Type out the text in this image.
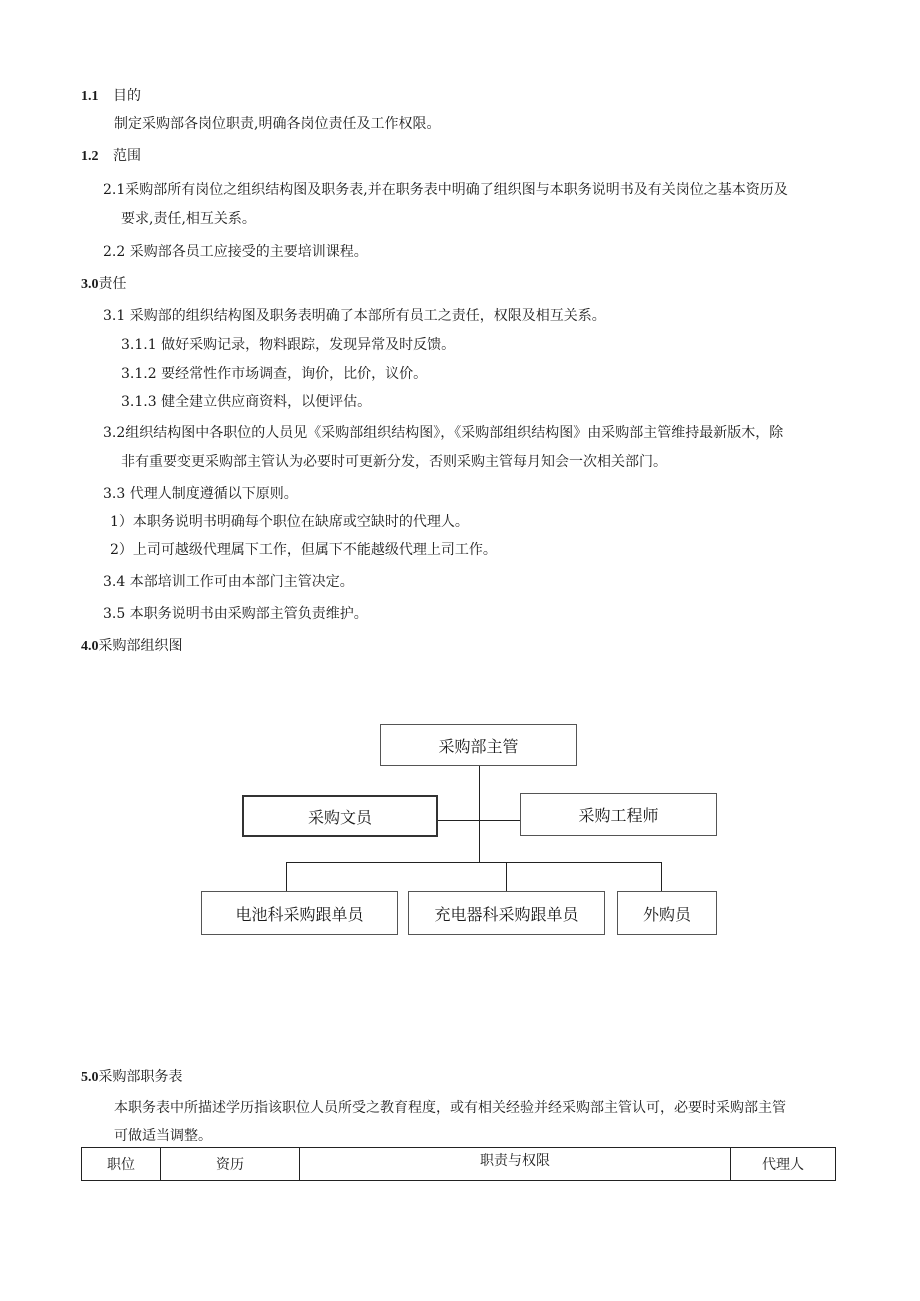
1.1 目的
制定采购部各岗位职责,明确各岗位责任及工作权限。
1.2 范围
2.1采购部所有岗位之组织结构图及职务表,并在职务表中明确了组织图与本职务说明书及有关岗位之基本资历及
要求,责任,相互关系。
2.2 采购部各员工应接受的主要培训课程。
3.0责任
3.1 采购部的组织结构图及职务表明确了本部所有员工之责任，权限及相互关系。
3.1.1 做好采购记录，物料跟踪，发现异常及时反馈。
3.1.2 要经常性作市场调查，询价，比价，议价。
3.1.3 健全建立供应商资料，以便评估。
3.2组织结构图中各职位的人员见《采购部组织结构图》，《采购部组织结构图》由采购部主管维持最新版木，除
非有重要变更采购部主管认为必要时可更新分发，否则采购主管每月知会一次相关部门。
3.3 代理人制度遵循以下原则。
1）本职务说明书明确每个职位在缺席或空缺时的代理人。
2）上司可越级代理属下工作，但属下不能越级代理上司工作。
3.4 本部培训工作可由本部门主管决定。
3.5 本职务说明书由采购部主管负责维护。
4.0采购部组织图
采购部主管
采购文员	采购工程师
电池科采购跟单员	充电器科采购跟单员	外购员
5.0采购部职务表
本职务表中所描述学历指该职位人员所受之教育程度，或有相关经验并经采购部主管认可，必要时采购部主管
可做适当调整。
职位	资历	职责与权限	代理人
